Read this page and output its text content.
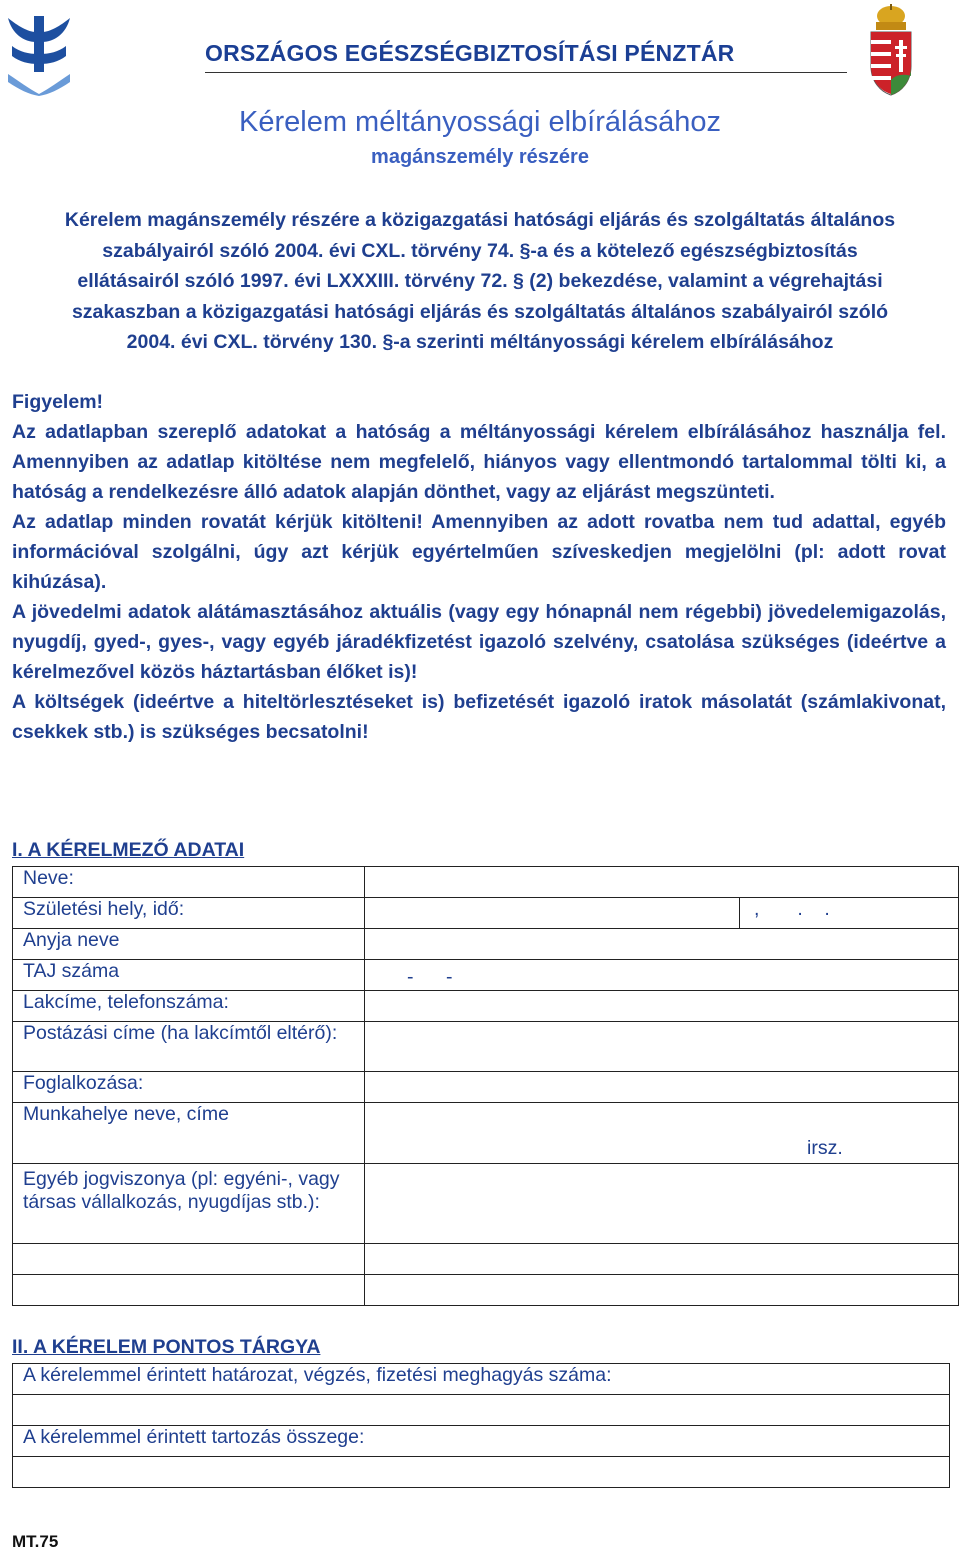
ORSZÁGOS EGÉSZSÉGBIZTOSÍTÁSI PÉNZTÁR
Kérelem méltányossági elbírálásához
magánszemély részére
Kérelem magánszemély részére a közigazgatási hatósági eljárás és szolgáltatás általános
szabályairól szóló 2004. évi CXL. törvény 74. §-a és a kötelező egészségbiztosítás
ellátásairól szóló 1997. évi LXXXIII. törvény 72. § (2) bekezdése, valamint a végrehajtási
szakaszban a közigazgatási hatósági eljárás és szolgáltatás általános szabályairól szóló
2004. évi CXL. törvény 130. §-a szerinti méltányossági kérelem elbírálásához

Figyelem!

Az adatlapban szereplő adatokat a hatóság a méltányossági kérelem elbírálásához használja fel. Amennyiben az adatlap kitöltése nem megfelelő, hiányos vagy ellentmondó tartalommal tölti ki, a hatóság a rendelkezésre álló adatok alapján dönthet, vagy az eljárást megszünteti.

Az adatlap minden rovatát kérjük kitölteni! Amennyiben az adott rovatba nem tud adattal, egyéb információval szolgálni, úgy azt kérjük egyértelműen szíveskedjen megjelölni (pl: adott rovat kihúzása).

A jövedelmi adatok alátámasztásához aktuális (vagy egy hónapnál nem régebbi) jövedelemigazolás, nyugdíj, gyed-, gyes-, vagy egyéb járadékfizetést igazoló szelvény, csatolása szükséges (ideértve a kérelmezővel közös háztartásban élőket is)!

A költségek (ideértve a hiteltörlesztéseket is) befizetését igazoló iratok másolatát (számlakivonat, csekkek stb.) is szükséges becsatolni!

I. A KÉRELMEZŐ ADATAI
Neve:		
Születési hely, idő:		,       .    .
Anyja neve		
TAJ száma	-      -	
Lakcíme, telefonszáma:		
Postázási címe (ha lakcímtől eltérő):		
Foglalkozása:		
Munkahelye neve, címe	irsz.	

Egyéb jogviszonya (pl: egyéni-, vagy társas vállalkozás, nyugdíjas stb.):		

II. A KÉRELEM PONTOS TÁRGYA
A kérelemmel érintett határozat, végzés, fizetési meghagyás száma:

A kérelemmel érintett tartozás összege:

MT.75
